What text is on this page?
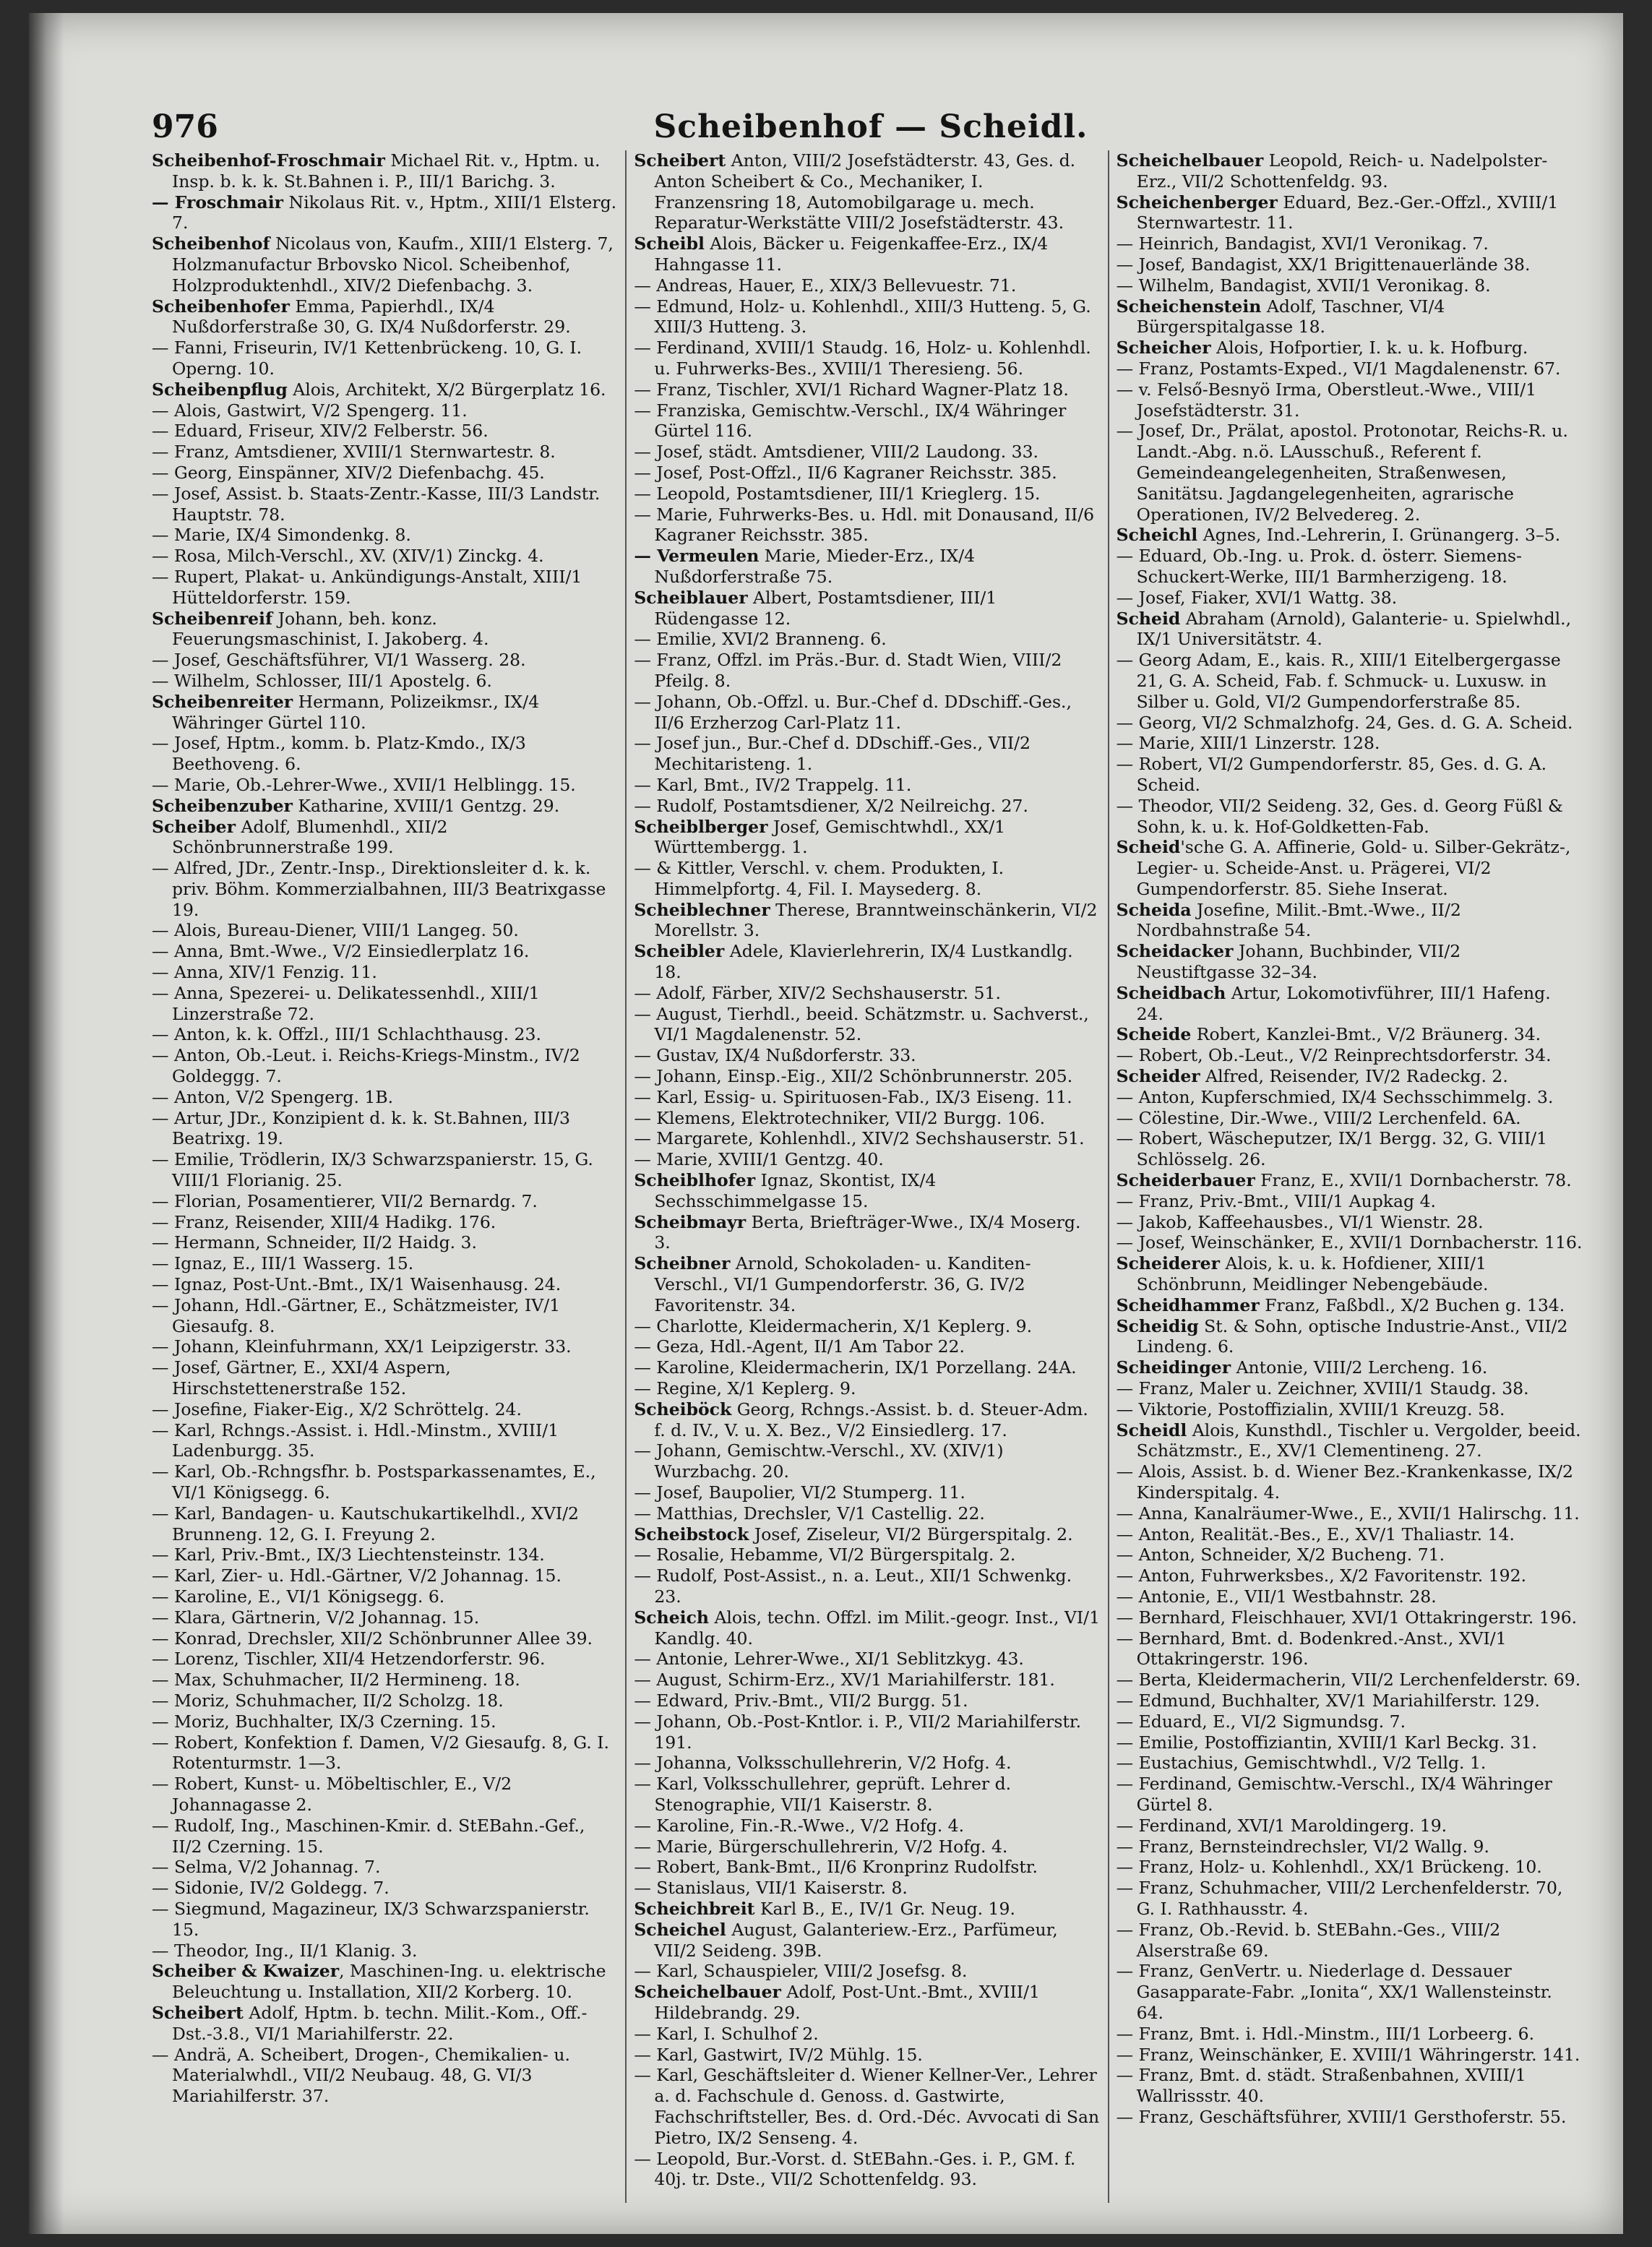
976	Scheibenhof — Scheidl.
Scheibenhof-Froschmair Michael Rit. v., Hptm. u. Insp. b. k. k. St.Bahnen i. P., III/1 Barichg. 3.
— Froschmair Nikolaus Rit. v., Hptm., XIII/1 Elsterg. 7.
Scheibenhof Nicolaus von, Kaufm., XIII/1 Elsterg. 7, Holzmanufactur Brbovsko Nicol. Scheibenhof, Holzproduktenhdl., XIV/2 Diefenbachg. 3.
Scheibenhofer Emma, Papierhdl., IX/4 Nußdorferstraße 30, G. IX/4 Nußdorferstr. 29.
— Fanni, Friseurin, IV/1 Kettenbrückeng. 10, G. I. Operng. 10.
Scheibenpflug Alois, Architekt, X/2 Bürgerplatz 16.
— Alois, Gastwirt, V/2 Spengerg. 11.
— Eduard, Friseur, XIV/2 Felberstr. 56.
— Franz, Amtsdiener, XVIII/1 Sternwartestr. 8.
— Georg, Einspänner, XIV/2 Diefenbachg. 45.
— Josef, Assist. b. Staats-Zentr.-Kasse, III/3 Landstr. Hauptstr. 78.
— Marie, IX/4 Simondenkg. 8.
— Rosa, Milch-Verschl., XV. (XIV/1) Zinckg. 4.
— Rupert, Plakat- u. Ankündigungs-Anstalt, XIII/1 Hütteldorferstr. 159.
Scheibenreif Johann, beh. konz. Feuerungsmaschinist, I. Jakoberg. 4.
— Josef, Geschäftsführer, VI/1 Wasserg. 28.
— Wilhelm, Schlosser, III/1 Apostelg. 6.
Scheibenreiter Hermann, Polizeikmsr., IX/4 Währinger Gürtel 110.
— Josef, Hptm., komm. b. Platz-Kmdo., IX/3 Beethoveng. 6.
— Marie, Ob.-Lehrer-Wwe., XVII/1 Helblingg. 15.
Scheibenzuber Katharine, XVIII/1 Gentzg. 29.
Scheiber Adolf, Blumenhdl., XII/2 Schönbrunnerstraße 199.
— Alfred, JDr., Zentr.-Insp., Direktionsleiter d. k. k. priv. Böhm. Kommerzialbahnen, III/3 Beatrixgasse 19.
— Alois, Bureau-Diener, VIII/1 Langeg. 50.
— Anna, Bmt.-Wwe., V/2 Einsiedlerplatz 16.
— Anna, XIV/1 Fenzig. 11.
— Anna, Spezerei- u. Delikatessenhdl., XIII/1 Linzerstraße 72.
— Anton, k. k. Offzl., III/1 Schlachthausg. 23.
— Anton, Ob.-Leut. i. Reichs-Kriegs-Minstm., IV/2 Goldeggg. 7.
— Anton, V/2 Spengerg. 1B.
— Artur, JDr., Konzipient d. k. k. St.Bahnen, III/3 Beatrixg. 19.
— Emilie, Trödlerin, IX/3 Schwarzspanierstr. 15, G. VIII/1 Florianig. 25.
— Florian, Posamentierer, VII/2 Bernardg. 7.
— Franz, Reisender, XIII/4 Hadikg. 176.
— Hermann, Schneider, II/2 Haidg. 3.
— Ignaz, E., III/1 Wasserg. 15.
— Ignaz, Post-Unt.-Bmt., IX/1 Waisenhausg. 24.
— Johann, Hdl.-Gärtner, E., Schätzmeister, IV/1 Giesaufg. 8.
— Johann, Kleinfuhrmann, XX/1 Leipzigerstr. 33.
— Josef, Gärtner, E., XXI/4 Aspern, Hirschstettenerstraße 152.
— Josefine, Fiaker-Eig., X/2 Schröttelg. 24.
— Karl, Rchngs.-Assist. i. Hdl.-Minstm., XVIII/1 Ladenburgg. 35.
— Karl, Ob.-Rchngsfhr. b. Postsparkassenamtes, E., VI/1 Königsegg. 6.
— Karl, Bandagen- u. Kautschukartikelhdl., XVI/2 Brunneng. 12, G. I. Freyung 2.
— Karl, Priv.-Bmt., IX/3 Liechtensteinstr. 134.
— Karl, Zier- u. Hdl.-Gärtner, V/2 Johannag. 15.
— Karoline, E., VI/1 Königsegg. 6.
— Klara, Gärtnerin, V/2 Johannag. 15.
— Konrad, Drechsler, XII/2 Schönbrunner Allee 39.
— Lorenz, Tischler, XII/4 Hetzendorferstr. 96.
— Max, Schuhmacher, II/2 Hermineng. 18.
— Moriz, Schuhmacher, II/2 Scholzg. 18.
— Moriz, Buchhalter, IX/3 Czerning. 15.
— Robert, Konfektion f. Damen, V/2 Giesaufg. 8, G. I. Rotenturmstr. 1—3.
— Robert, Kunst- u. Möbeltischler, E., V/2 Johannagasse 2.
— Rudolf, Ing., Maschinen-Kmir. d. StEBahn.-Gef., II/2 Czerning. 15.
— Selma, V/2 Johannag. 7.
— Sidonie, IV/2 Goldegg. 7.
— Siegmund, Magazineur, IX/3 Schwarzspanierstr. 15.
— Theodor, Ing., II/1 Klanig. 3.
Scheiber & Kwaizer, Maschinen-Ing. u. elektrische Beleuchtung u. Installation, XII/2 Korberg. 10.
Scheibert Adolf, Hptm. b. techn. Milit.-Kom., Off.-Dst.-3.8., VI/1 Mariahilferstr. 22.
— Andrä, A. Scheibert, Drogen-, Chemikalien- u. Materialwhdl., VII/2 Neubaug. 48, G. VI/3 Mariahilferstr. 37.
Scheibert Anton, VIII/2 Josefstädterstr. 43, Ges. d. Anton Scheibert & Co., Mechaniker, I. Franzensring 18, Automobilgarage u. mech. Reparatur-Werkstätte VIII/2 Josefstädterstr. 43.
Scheibl Alois, Bäcker u. Feigenkaffee-Erz., IX/4 Hahngasse 11.
— Andreas, Hauer, E., XIX/3 Bellevuestr. 71.
— Edmund, Holz- u. Kohlenhdl., XIII/3 Hutteng. 5, G. XIII/3 Hutteng. 3.
— Ferdinand, XVIII/1 Staudg. 16, Holz- u. Kohlenhdl. u. Fuhrwerks-Bes., XVIII/1 Theresieng. 56.
— Franz, Tischler, XVI/1 Richard Wagner-Platz 18.
— Franziska, Gemischtw.-Verschl., IX/4 Währinger Gürtel 116.
— Josef, städt. Amtsdiener, VIII/2 Laudong. 33.
— Josef, Post-Offzl., II/6 Kagraner Reichsstr. 385.
— Leopold, Postamtsdiener, III/1 Krieglerg. 15.
— Marie, Fuhrwerks-Bes. u. Hdl. mit Donausand, II/6 Kagraner Reichsstr. 385.
— Vermeulen Marie, Mieder-Erz., IX/4 Nußdorferstraße 75.
Scheiblauer Albert, Postamtsdiener, III/1 Rüdengasse 12.
— Emilie, XVI/2 Branneng. 6.
— Franz, Offzl. im Präs.-Bur. d. Stadt Wien, VIII/2 Pfeilg. 8.
— Johann, Ob.-Offzl. u. Bur.-Chef d. DDschiff.-Ges., II/6 Erzherzog Carl-Platz 11.
— Josef jun., Bur.-Chef d. DDschiff.-Ges., VII/2 Mechitaristeng. 1.
— Karl, Bmt., IV/2 Trappelg. 11.
— Rudolf, Postamtsdiener, X/2 Neilreichg. 27.
Scheiblberger Josef, Gemischtwhdl., XX/1 Württembergg. 1.
— & Kittler, Verschl. v. chem. Produkten, I. Himmelpfortg. 4, Fil. I. Maysederg. 8.
Scheiblechner Therese, Branntweinschänkerin, VI/2 Morellstr. 3.
Scheibler Adele, Klavierlehrerin, IX/4 Lustkandlg. 18.
— Adolf, Färber, XIV/2 Sechshauserstr. 51.
— August, Tierhdl., beeid. Schätzmstr. u. Sachverst., VI/1 Magdalenenstr. 52.
— Gustav, IX/4 Nußdorferstr. 33.
— Johann, Einsp.-Eig., XII/2 Schönbrunnerstr. 205.
— Karl, Essig- u. Spirituosen-Fab., IX/3 Eiseng. 11.
— Klemens, Elektrotechniker, VII/2 Burgg. 106.
— Margarete, Kohlenhdl., XIV/2 Sechshauserstr. 51.
— Marie, XVIII/1 Gentzg. 40.
Scheiblhofer Ignaz, Skontist, IX/4 Sechsschimmelgasse 15.
Scheibmayr Berta, Briefträger-Wwe., IX/4 Moserg. 3.
Scheibner Arnold, Schokoladen- u. Kanditen-Verschl., VI/1 Gumpendorferstr. 36, G. IV/2 Favoritenstr. 34.
— Charlotte, Kleidermacherin, X/1 Keplerg. 9.
— Geza, Hdl.-Agent, II/1 Am Tabor 22.
— Karoline, Kleidermacherin, IX/1 Porzellang. 24A.
— Regine, X/1 Keplerg. 9.
Scheiböck Georg, Rchngs.-Assist. b. d. Steuer-Adm. f. d. IV., V. u. X. Bez., V/2 Einsiedlerg. 17.
— Johann, Gemischtw.-Verschl., XV. (XIV/1) Wurzbachg. 20.
— Josef, Baupolier, VI/2 Stumperg. 11.
— Matthias, Drechsler, V/1 Castellig. 22.
Scheibstock Josef, Ziseleur, VI/2 Bürgerspitalg. 2.
— Rosalie, Hebamme, VI/2 Bürgerspitalg. 2.
— Rudolf, Post-Assist., n. a. Leut., XII/1 Schwenkg. 23.
Scheich Alois, techn. Offzl. im Milit.-geogr. Inst., VI/1 Kandlg. 40.
— Antonie, Lehrer-Wwe., XI/1 Seblitzkyg. 43.
— August, Schirm-Erz., XV/1 Mariahilferstr. 181.
— Edward, Priv.-Bmt., VII/2 Burgg. 51.
— Johann, Ob.-Post-Kntlor. i. P., VII/2 Mariahilferstr. 191.
— Johanna, Volksschullehrerin, V/2 Hofg. 4.
— Karl, Volksschullehrer, geprüft. Lehrer d. Stenographie, VII/1 Kaiserstr. 8.
— Karoline, Fin.-R.-Wwe., V/2 Hofg. 4.
— Marie, Bürgerschullehrerin, V/2 Hofg. 4.
— Robert, Bank-Bmt., II/6 Kronprinz Rudolfstr.
— Stanislaus, VII/1 Kaiserstr. 8.
Scheichbreit Karl B., E., IV/1 Gr. Neug. 19.
Scheichel August, Galanteriew.-Erz., Parfümeur, VII/2 Seideng. 39B.
— Karl, Schauspieler, VIII/2 Josefsg. 8.
Scheichelbauer Adolf, Post-Unt.-Bmt., XVIII/1 Hildebrandg. 29.
— Karl, I. Schulhof 2.
— Karl, Gastwirt, IV/2 Mühlg. 15.
— Karl, Geschäftsleiter d. Wiener Kellner-Ver., Lehrer a. d. Fachschule d. Genoss. d. Gastwirte, Fachschriftsteller, Bes. d. Ord.-Déc. Avvocati di San Pietro, IX/2 Senseng. 4.
— Leopold, Bur.-Vorst. d. StEBahn.-Ges. i. P., GM. f. 40j. tr. Dste., VII/2 Schottenfeldg. 93.
Scheichelbauer Leopold, Reich- u. Nadelpolster-Erz., VII/2 Schottenfeldg. 93.
Scheichenberger Eduard, Bez.-Ger.-Offzl., XVIII/1 Sternwartestr. 11.
— Heinrich, Bandagist, XVI/1 Veronikag. 7.
— Josef, Bandagist, XX/1 Brigittenauerlände 38.
— Wilhelm, Bandagist, XVII/1 Veronikag. 8.
Scheichenstein Adolf, Taschner, VI/4 Bürgerspitalgasse 18.
Scheicher Alois, Hofportier, I. k. u. k. Hofburg.
— Franz, Postamts-Exped., VI/1 Magdalenenstr. 67.
— v. Felső-Besnyö Irma, Oberstleut.-Wwe., VIII/1 Josefstädterstr. 31.
— Josef, Dr., Prälat, apostol. Protonotar, Reichs-R. u. Landt.-Abg. n.ö. LAusschuß., Referent f. Gemeindeangelegenheiten, Straßenwesen, Sanitätsu. Jagdangelegenheiten, agrarische Operationen, IV/2 Belvedereg. 2.
Scheichl Agnes, Ind.-Lehrerin, I. Grünangerg. 3–5.
— Eduard, Ob.-Ing. u. Prok. d. österr. Siemens-Schuckert-Werke, III/1 Barmherzigeng. 18.
— Josef, Fiaker, XVI/1 Wattg. 38.
Scheid Abraham (Arnold), Galanterie- u. Spielwhdl., IX/1 Universitätstr. 4.
— Georg Adam, E., kais. R., XIII/1 Eitelbergergasse 21, G. A. Scheid, Fab. f. Schmuck- u. Luxusw. in Silber u. Gold, VI/2 Gumpendorferstraße 85.
— Georg, VI/2 Schmalzhofg. 24, Ges. d. G. A. Scheid.
— Marie, XIII/1 Linzerstr. 128.
— Robert, VI/2 Gumpendorferstr. 85, Ges. d. G. A. Scheid.
— Theodor, VII/2 Seideng. 32, Ges. d. Georg Füßl & Sohn, k. u. k. Hof-Goldketten-Fab.
Scheid'sche G. A. Affinerie, Gold- u. Silber-Gekrätz-, Legier- u. Scheide-Anst. u. Prägerei, VI/2 Gumpendorferstr. 85. Siehe Inserat.
Scheida Josefine, Milit.-Bmt.-Wwe., II/2 Nordbahnstraße 54.
Scheidacker Johann, Buchbinder, VII/2 Neustiftgasse 32–34.
Scheidbach Artur, Lokomotivführer, III/1 Hafeng. 24.
Scheide Robert, Kanzlei-Bmt., V/2 Bräunerg. 34.
— Robert, Ob.-Leut., V/2 Reinprechtsdorferstr. 34.
Scheider Alfred, Reisender, IV/2 Radeckg. 2.
— Anton, Kupferschmied, IX/4 Sechsschimmelg. 3.
— Cölestine, Dir.-Wwe., VIII/2 Lerchenfeld. 6A.
— Robert, Wäscheputzer, IX/1 Bergg. 32, G. VIII/1 Schlösselg. 26.
Scheiderbauer Franz, E., XVII/1 Dornbacherstr. 78.
— Franz, Priv.-Bmt., VIII/1 Aupkag 4.
— Jakob, Kaffeehausbes., VI/1 Wienstr. 28.
— Josef, Weinschänker, E., XVII/1 Dornbacherstr. 116.
Scheiderer Alois, k. u. k. Hofdiener, XIII/1 Schönbrunn, Meidlinger Nebengebäude.
Scheidhammer Franz, Faßbdl., X/2 Buchen g. 134.
Scheidig St. & Sohn, optische Industrie-Anst., VII/2 Lindeng. 6.
Scheidinger Antonie, VIII/2 Lercheng. 16.
— Franz, Maler u. Zeichner, XVIII/1 Staudg. 38.
— Viktorie, Postoffizialin, XVIII/1 Kreuzg. 58.
Scheidl Alois, Kunsthdl., Tischler u. Vergolder, beeid. Schätzmstr., E., XV/1 Clementineng. 27.
— Alois, Assist. b. d. Wiener Bez.-Krankenkasse, IX/2 Kinderspitalg. 4.
— Anna, Kanalräumer-Wwe., E., XVII/1 Halirschg. 11.
— Anton, Realität.-Bes., E., XV/1 Thaliastr. 14.
— Anton, Schneider, X/2 Bucheng. 71.
— Anton, Fuhrwerksbes., X/2 Favoritenstr. 192.
— Antonie, E., VII/1 Westbahnstr. 28.
— Bernhard, Fleischhauer, XVI/1 Ottakringerstr. 196.
— Bernhard, Bmt. d. Bodenkred.-Anst., XVI/1 Ottakringerstr. 196.
— Berta, Kleidermacherin, VII/2 Lerchenfelderstr. 69.
— Edmund, Buchhalter, XV/1 Mariahilferstr. 129.
— Eduard, E., VI/2 Sigmundsg. 7.
— Emilie, Postoffiziantin, XVIII/1 Karl Beckg. 31.
— Eustachius, Gemischtwhdl., V/2 Tellg. 1.
— Ferdinand, Gemischtw.-Verschl., IX/4 Währinger Gürtel 8.
— Ferdinand, XVI/1 Maroldingerg. 19.
— Franz, Bernsteindrechsler, VI/2 Wallg. 9.
— Franz, Holz- u. Kohlenhdl., XX/1 Brückeng. 10.
— Franz, Schuhmacher, VIII/2 Lerchenfelderstr. 70, G. I. Rathhausstr. 4.
— Franz, Ob.-Revid. b. StEBahn.-Ges., VIII/2 Alserstraße 69.
— Franz, GenVertr. u. Niederlage d. Dessauer Gasapparate-Fabr. „Ionita“, XX/1 Wallensteinstr. 64.
— Franz, Bmt. i. Hdl.-Minstm., III/1 Lorbeerg. 6.
— Franz, Weinschänker, E. XVIII/1 Währingerstr. 141.
— Franz, Bmt. d. städt. Straßenbahnen, XVIII/1 Wallrissstr. 40.
— Franz, Geschäftsführer, XVIII/1 Gersthoferstr. 55.
